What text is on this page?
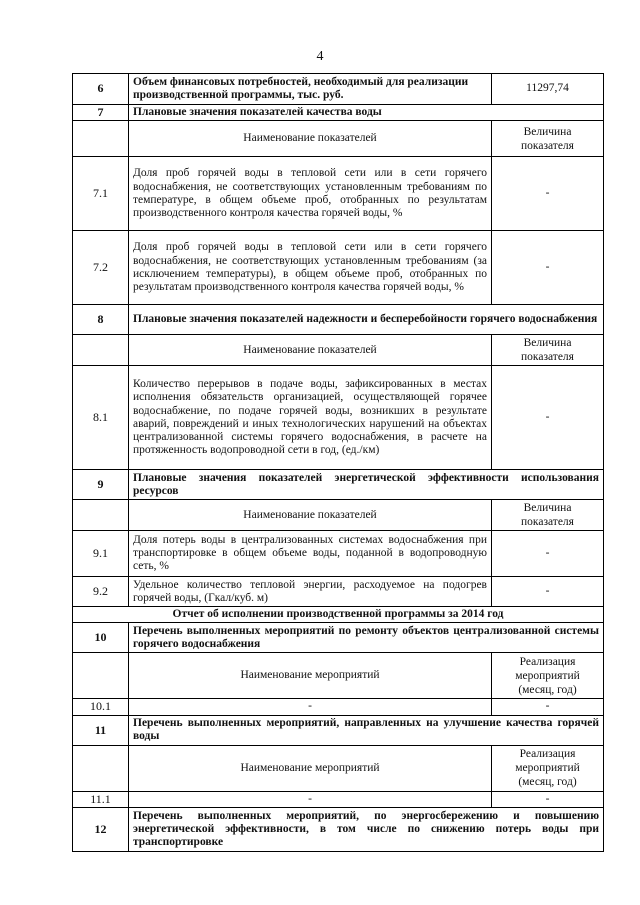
4
6	Объем финансовых потребностей, необходимый для реализации производственной программы, тыс. руб.	11297,74
7	Плановые значения показателей качества воды	
	Наименование показателей	Величина показателя
7.1	Доля проб горячей воды в тепловой сети или в сети горячего водоснабжения, не соответствующих установленным требованиям по температуре, в общем объеме проб, отобранных по результатам производственного контроля качества горячей воды, %	-
7.2	Доля проб горячей воды в тепловой сети или в сети горячего водоснабжения, не соответствующих установленным требованиям (за исключением температуры), в общем объеме проб, отобранных по результатам производственного контроля качества горячей воды, %	-
8	Плановые значения показателей надежности и бесперебойности горячего водоснабжения	
	Наименование показателей	Величина показателя
8.1	Количество перерывов в подаче воды, зафиксированных в местах исполнения обязательств организацией, осуществляющей горячее водоснабжение, по подаче горячей воды, возникших в результате аварий, повреждений и иных технологических нарушений на объектах централизованной системы горячего водоснабжения, в расчете на протяженность водопроводной сети в год, (ед./км)	-
9	Плановые значения показателей энергетической эффективности использования ресурсов	
	Наименование показателей	Величина показателя
9.1	Доля потерь воды в централизованных системах водоснабжения при транспортировке в общем объеме воды, поданной в водопроводную сеть, %	-
9.2	Удельное количество тепловой энергии, расходуемое на подогрев горячей воды, (Гкал/куб. м)	-
Отчет об исполнении производственной программы за 2014 год		
10	Перечень выполненных мероприятий по ремонту объектов централизованной системы горячего водоснабжения	
	Наименование мероприятий	Реализация мероприятий (месяц, год)
10.1	-	-
11	Перечень выполненных мероприятий, направленных на улучшение качества горячей воды	
	Наименование мероприятий	Реализация мероприятий (месяц, год)
11.1	-	-
12	Перечень выполненных мероприятий, по энергосбережению и повышению энергетической эффективности, в том числе по снижению потерь воды при транспортировке	
